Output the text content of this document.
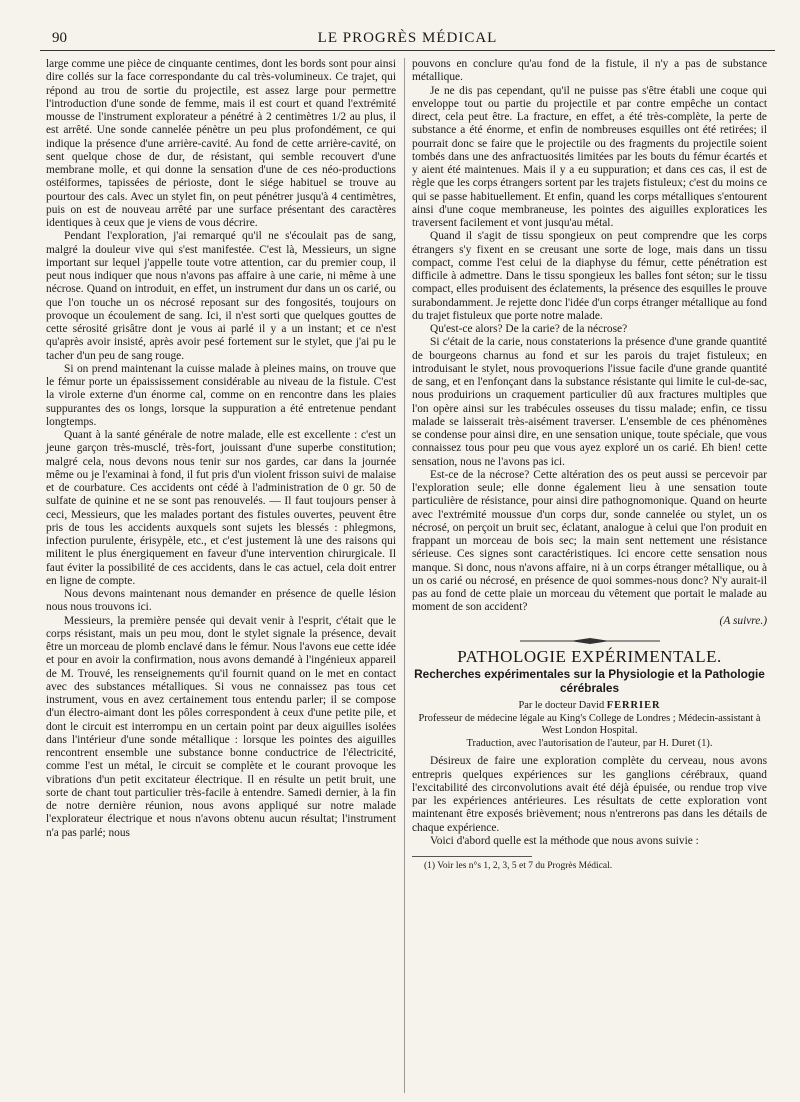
90	LE PROGRÈS MÉDICAL

large comme une pièce de cinquante centimes, dont les bords sont pour ainsi dire collés sur la face correspondante du cal très-volumineux. Ce trajet, qui répond au trou de sortie du projectile, est assez large pour permettre l'introduction d'une sonde de femme, mais il est court et quand l'extrémité mousse de l'instrument explorateur a pénétré à 2 centimètres 1/2 au plus, il est arrêté. Une sonde cannelée pénètre un peu plus profondément, ce qui indique la présence d'une arrière-cavité. Au fond de cette arrière-cavité, on sent quelque chose de dur, de résistant, qui semble recouvert d'une membrane molle, et qui donne la sensation d'une de ces néo-productions ostéiformes, tapissées de périoste, dont le siége habituel se trouve au pourtour des cals. Avec un stylet fin, on peut pénétrer jusqu'à 4 centimètres, puis on est de nouveau arrêté par une surface présentant des caractères identiques à ceux que je viens de vous décrire.

Pendant l'exploration, j'ai remarqué qu'il ne s'écoulait pas de sang, malgré la douleur vive qui s'est manifestée. C'est là, Messieurs, un signe important sur lequel j'appelle toute votre attention, car du premier coup, il peut nous indiquer que nous n'avons pas affaire à une carie, ni même à une nécrose. Quand on introduit, en effet, un instrument dur dans un os carié, ou que l'on touche un os nécrosé reposant sur des fongosités, toujours on provoque un écoulement de sang. Ici, il n'est sorti que quelques gouttes de cette sérosité grisâtre dont je vous ai parlé il y a un instant; et ce n'est qu'après avoir insisté, après avoir pesé fortement sur le stylet, que j'ai pu le tacher d'un peu de sang rouge.

Si on prend maintenant la cuisse malade à pleines mains, on trouve que le fémur porte un épaississement considérable au niveau de la fistule. C'est la virole externe d'un énorme cal, comme on en rencontre dans les plaies suppurantes des os longs, lorsque la suppuration a été entretenue pendant longtemps.

Quant à la santé générale de notre malade, elle est excellente : c'est un jeune garçon très-musclé, très-fort, jouissant d'une superbe constitution; malgré cela, nous devons nous tenir sur nos gardes, car dans la journée même ou je l'examinai à fond, il fut pris d'un violent frisson suivi de malaise et de courbature. Ces accidents ont cédé à l'administration de 0 gr. 50 de sulfate de quinine et ne se sont pas renouvelés. — Il faut toujours penser à ceci, Messieurs, que les malades portant des fistules ouvertes, peuvent être pris de tous les accidents auxquels sont sujets les blessés : phlegmons, infection purulente, érisypèle, etc., et c'est justement là une des raisons qui militent le plus énergiquement en faveur d'une intervention chirurgicale. Il faut éviter la possibilité de ces accidents, dans le cas actuel, cela doit entrer en ligne de compte.

Nous devons maintenant nous demander en présence de quelle lésion nous nous trouvons ici.

Messieurs, la première pensée qui devait venir à l'esprit, c'était que le corps résistant, mais un peu mou, dont le stylet signale la présence, devait être un morceau de plomb enclavé dans le fémur. Nous l'avons eue cette idée et pour en avoir la confirmation, nous avons demandé à l'ingénieux appareil de M. Trouvé, les renseignements qu'il fournit quand on le met en contact avec des substances métalliques. Si vous ne connaissez pas tous cet instrument, vous en avez certainement tous entendu parler; il se compose d'un électro-aimant dont les pôles correspondent à ceux d'une petite pile, et dont le circuit est interrompu en un certain point par deux aiguilles isolées dans l'intérieur d'une sonde métallique : lorsque les pointes des aiguilles rencontrent ensemble une substance bonne conductrice de l'électricité, comme l'est un métal, le circuit se complète et le courant provoque les vibrations d'un petit excitateur électrique. Il en résulte un petit bruit, une sorte de chant tout particulier très-facile à entendre. Samedi dernier, à la fin de notre dernière réunion, nous avons appliqué sur notre malade l'explorateur électrique et nous n'avons obtenu aucun résultat; l'instrument n'a pas parlé; nous

pouvons en conclure qu'au fond de la fistule, il n'y a pas de substance métallique.

Je ne dis pas cependant, qu'il ne puisse pas s'être établi une coque qui enveloppe tout ou partie du projectile et par contre empêche un contact direct, cela peut être. La fracture, en effet, a été très-complète, la perte de substance a été énorme, et enfin de nombreuses esquilles ont été retirées; il pourrait donc se faire que le projectile ou des fragments du projectile soient tombés dans une des anfractuosités limitées par les bouts du fémur écartés et y aient été maintenues. Mais il y a eu suppuration; et dans ces cas, il est de règle que les corps étrangers sortent par les trajets fistuleux; c'est du moins ce qui se passe habituellement. Et enfin, quand les corps métalliques s'entourent ainsi d'une coque membraneuse, les pointes des aiguilles exploratices les traversent facilement et vont jusqu'au métal.

Quand il s'agit de tissu spongieux on peut comprendre que les corps étrangers s'y fixent en se creusant une sorte de loge, mais dans un tissu compact, comme l'est celui de la diaphyse du fémur, cette pénétration est difficile à admettre. Dans le tissu spongieux les balles font séton; sur le tissu compact, elles produisent des éclatements, la présence des esquilles le prouve surabondamment. Je rejette donc l'idée d'un corps étranger métallique au fond du trajet fistuleux que porte notre malade.

Qu'est-ce alors? De la carie? de la nécrose?

Si c'était de la carie, nous constaterions la présence d'une grande quantité de bourgeons charnus au fond et sur les parois du trajet fistuleux; en introduisant le stylet, nous provoquerions l'issue facile d'une grande quantité de sang, et en l'enfonçant dans la substance résistante qui limite le cul-de-sac, nous produirions un craquement particulier dû aux fractures multiples que l'on opère ainsi sur les trabécules osseuses du tissu malade; enfin, ce tissu malade se laisserait très-aisément traverser. L'ensemble de ces phénomènes se condense pour ainsi dire, en une sensation unique, toute spéciale, que vous connaissez tous pour peu que vous ayez exploré un os carié. Eh bien! cette sensation, nous ne l'avons pas ici.

Est-ce de la nécrose? Cette altération des os peut aussi se percevoir par l'exploration seule; elle donne également lieu à une sensation toute particulière de résistance, pour ainsi dire pathognomonique. Quand on heurte avec l'extrémité moussue d'un corps dur, sonde cannelée ou stylet, un os nécrosé, on perçoit un bruit sec, éclatant, analogue à celui que l'on produit en frappant un morceau de bois sec; la main sent nettement une résistance sérieuse. Ces signes sont caractéristiques. Ici encore cette sensation nous manque. Si donc, nous n'avons affaire, ni à un corps étranger métallique, ou à un os carié ou nécrosé, en présence de quoi sommes-nous donc? N'y aurait-il pas au fond de cette plaie un morceau du vêtement que portait le malade au moment de son accident?

(A suivre.)

PATHOLOGIE EXPÉRIMENTALE.
Recherches expérimentales sur la Physiologie et la Pathologie cérébrales
Par le docteur David FERRIER
Professeur de médecine légale au King's College de Londres ; Médecin-assistant à West London Hospital.
Traduction, avec l'autorisation de l'auteur, par H. Duret (1).

Désireux de faire une exploration complète du cerveau, nous avons entrepris quelques expériences sur les ganglions cérébraux, quand l'excitabilité des circonvolutions avait été déjà épuisée, ou rendue trop vive par les expériences antérieures. Les résultats de cette exploration vont maintenant être exposés brièvement; nous n'entrerons pas dans les détails de chaque expérience.

Voici d'abord quelle est la méthode que nous avons suivie :

(1) Voir les n°s 1, 2, 3, 5 et 7 du Progrès Médical.
